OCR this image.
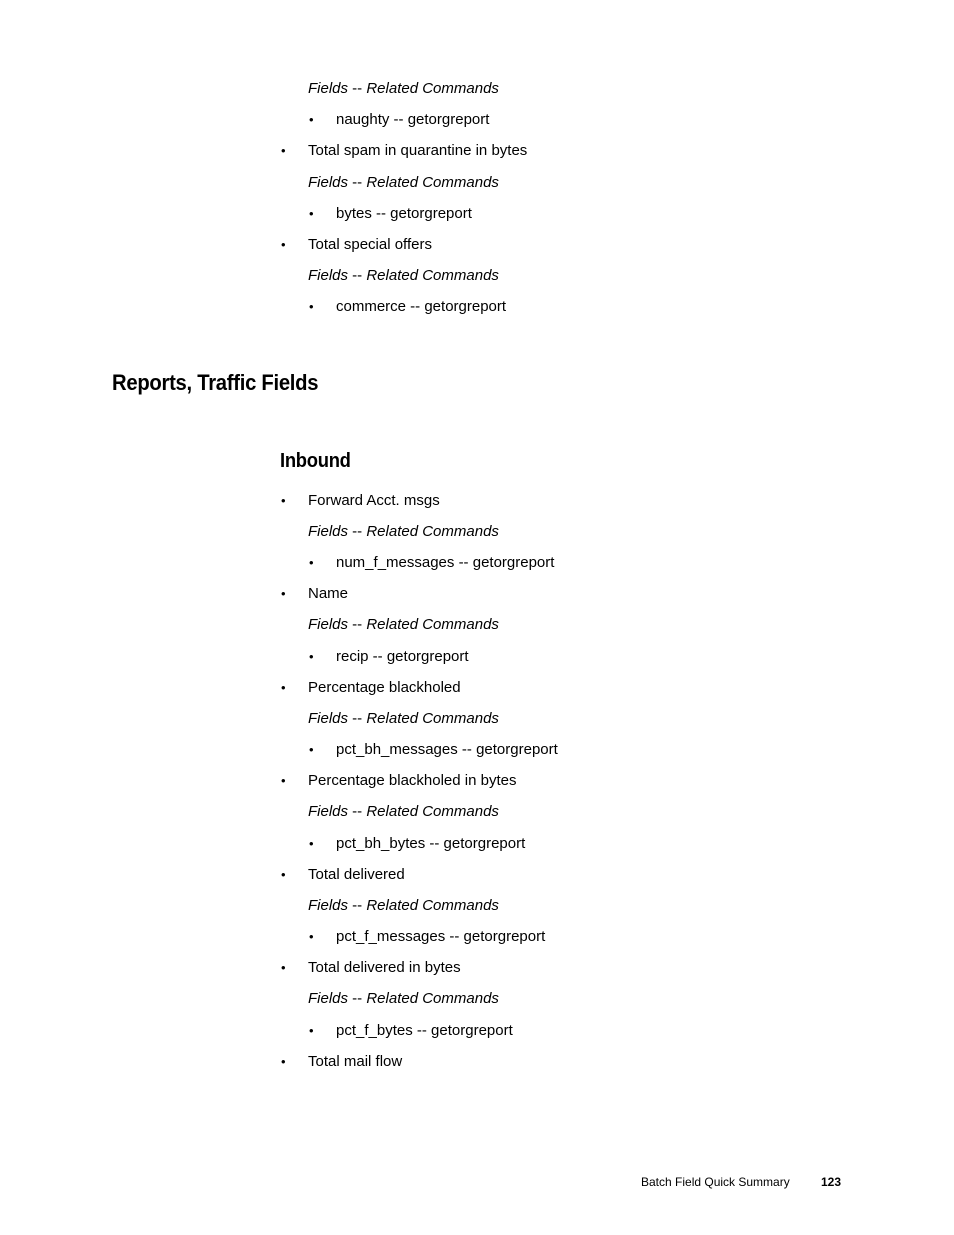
Fields -- Related Commands
• naughty -- getorgreport
• Total spam in quarantine in bytes
Fields -- Related Commands
• bytes -- getorgreport
• Total special offers
Fields -- Related Commands
• commerce -- getorgreport
Reports, Traffic Fields
Inbound
• Forward Acct. msgs
Fields -- Related Commands
• num_f_messages -- getorgreport
• Name
Fields -- Related Commands
• recip -- getorgreport
• Percentage blackholed
Fields -- Related Commands
• pct_bh_messages -- getorgreport
• Percentage blackholed in bytes
Fields -- Related Commands
• pct_bh_bytes -- getorgreport
• Total delivered
Fields -- Related Commands
• pct_f_messages -- getorgreport
• Total delivered in bytes
Fields -- Related Commands
• pct_f_bytes -- getorgreport
• Total mail flow
Batch Field Quick Summary	123
